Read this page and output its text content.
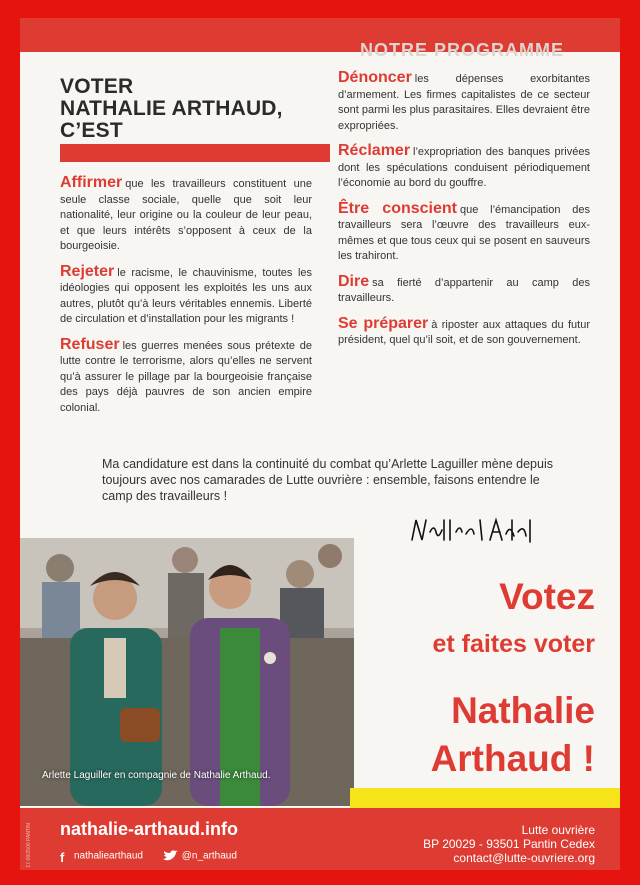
NOTRE PROGRAMME
VOTER
NATHALIE ARTHAUD,
C’EST
Affirmer que les travailleurs constituent une seule classe sociale, quelle que soit leur nationalité, leur origine ou la couleur de leur peau, et que leurs intérêts s’opposent à ceux de la bourgeoisie.
Rejeter le racisme, le chauvinisme, toutes les idéologies qui opposent les exploités les uns aux autres, plutôt qu’à leurs véritables ennemis. Liberté de circulation et d’installation pour les migrants !
Refuser les guerres menées sous prétexte de lutte contre le terrorisme, alors qu’elles ne servent qu’à assurer le pillage par la bourgeoisie française des pays déjà pauvres de son ancien empire colonial.
Dénoncer les dépenses exorbitantes d’armement. Les firmes capitalistes de ce secteur sont parmi les plus parasitaires. Elles devraient être expropriées.
Réclamer l’expropriation des banques privées dont les spéculations conduisent périodiquement l’économie au bord du gouffre.
Être conscient que l’émancipation des travailleurs sera l’œuvre des travailleurs eux-mêmes et que tous ceux qui se posent en sauveurs les trahiront.
Dire sa fierté d’appartenir au camp des travailleurs.
Se préparer à riposter aux attaques du futur président, quel qu’il soit, et de son gouvernement.
Ma candidature est dans la continuité du combat qu’Arlette Laguiller mène depuis toujours avec nos camarades de Lutte ouvrière : ensemble, faisons entendre le camp des travailleurs !
Arlette Laguiller en compagnie de Nathalie Arthaud.
Votez
et faites voter
Nathalie
Arthaud !
17-09/2500 PANTIN nathalie-arthaud.info
f nathaliearthaud	@n_arthaud
Lutte ouvrière
BP 20029 - 93501 Pantin Cedex
contact@lutte-ouvriere.org
